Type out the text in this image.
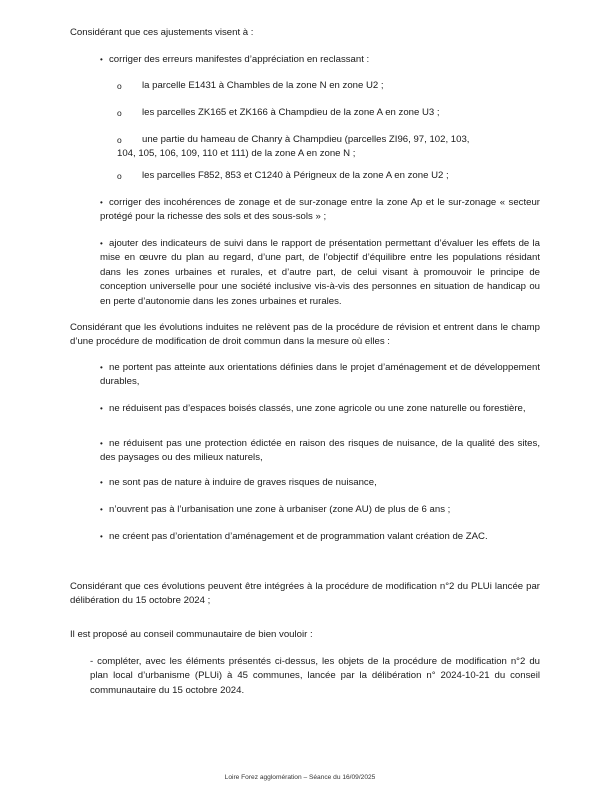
Considérant que ces ajustements visent à :
• corriger des erreurs manifestes d’appréciation en reclassant :
o la parcelle E1431 à Chambles de la zone N en zone U2 ;
o les parcelles ZK165 et ZK166 à Champdieu de la zone A en zone U3 ;
o une partie du hameau de Chanry à Champdieu (parcelles ZI96, 97, 102, 103,
104, 105, 106, 109, 110 et 111) de la zone A en zone N ;
o les parcelles F852, 853 et C1240 à Périgneux de la zone A en zone U2 ;
• corriger des incohérences de zonage et de sur-zonage entre la zone Ap et le sur-zonage « secteur protégé pour la richesse des sols et des sous-sols » ;
• ajouter des indicateurs de suivi dans le rapport de présentation permettant d’évaluer les effets de la mise en œuvre du plan au regard, d’une part, de l’objectif d’équilibre entre les populations résidant dans les zones urbaines et rurales, et d’autre part, de celui visant à promouvoir le principe de conception universelle pour une société inclusive vis-à-vis des personnes en situation de handicap ou en perte d’autonomie dans les zones urbaines et rurales.
Considérant que les évolutions induites ne relèvent pas de la procédure de révision et entrent dans le champ d’une procédure de modification de droit commun dans la mesure où elles :
• ne portent pas atteinte aux orientations définies dans le projet d’aménagement et de développement durables,
• ne réduisent pas d’espaces boisés classés, une zone agricole ou une zone naturelle ou forestière,
• ne réduisent pas une protection édictée en raison des risques de nuisance, de la qualité des sites, des paysages ou des milieux naturels,
• ne sont pas de nature à induire de graves risques de nuisance,
• n’ouvrent pas à l’urbanisation une zone à urbaniser (zone AU) de plus de 6 ans ;
• ne créent pas d’orientation d’aménagement et de programmation valant création de ZAC.
Considérant que ces évolutions peuvent être intégrées à la procédure de modification n°2 du PLUi lancée par délibération du 15 octobre 2024 ;
Il est proposé au conseil communautaire de bien vouloir :
- compléter, avec les éléments présentés ci-dessus, les objets de la procédure de modification n°2 du plan local d’urbanisme (PLUi) à 45 communes, lancée par la délibération n° 2024-10-21 du conseil communautaire du 15 octobre 2024.
Loire Forez agglomération – Séance du 16/09/2025
